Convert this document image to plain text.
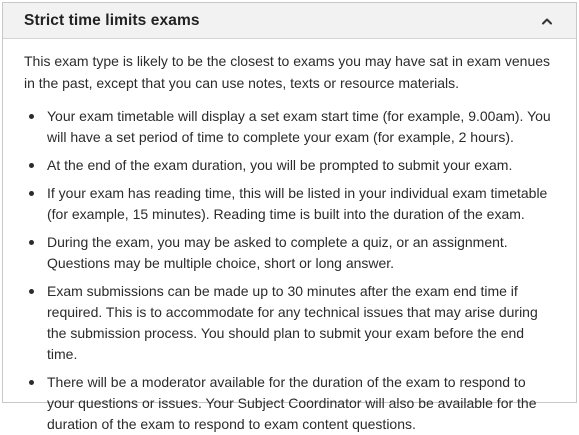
Strict time limits exams

This exam type is likely to be the closest to exams you may have sat in exam venues in the past, except that you can use notes, texts or resource materials.

Your exam timetable will display a set exam start time (for example, 9.00am). You will have a set period of time to complete your exam (for example, 2 hours).
At the end of the exam duration, you will be prompted to submit your exam.
If your exam has reading time, this will be listed in your individual exam timetable (for example, 15 minutes). Reading time is built into the duration of the exam.
During the exam, you may be asked to complete a quiz, or an assignment. Questions may be multiple choice, short or long answer.
Exam submissions can be made up to 30 minutes after the exam end time if required. This is to accommodate for any technical issues that may arise during the submission process. You should plan to submit your exam before the end time.
There will be a moderator available for the duration of the exam to respond to your questions or issues. Your Subject Coordinator will also be available for the duration of the exam to respond to exam content questions.
